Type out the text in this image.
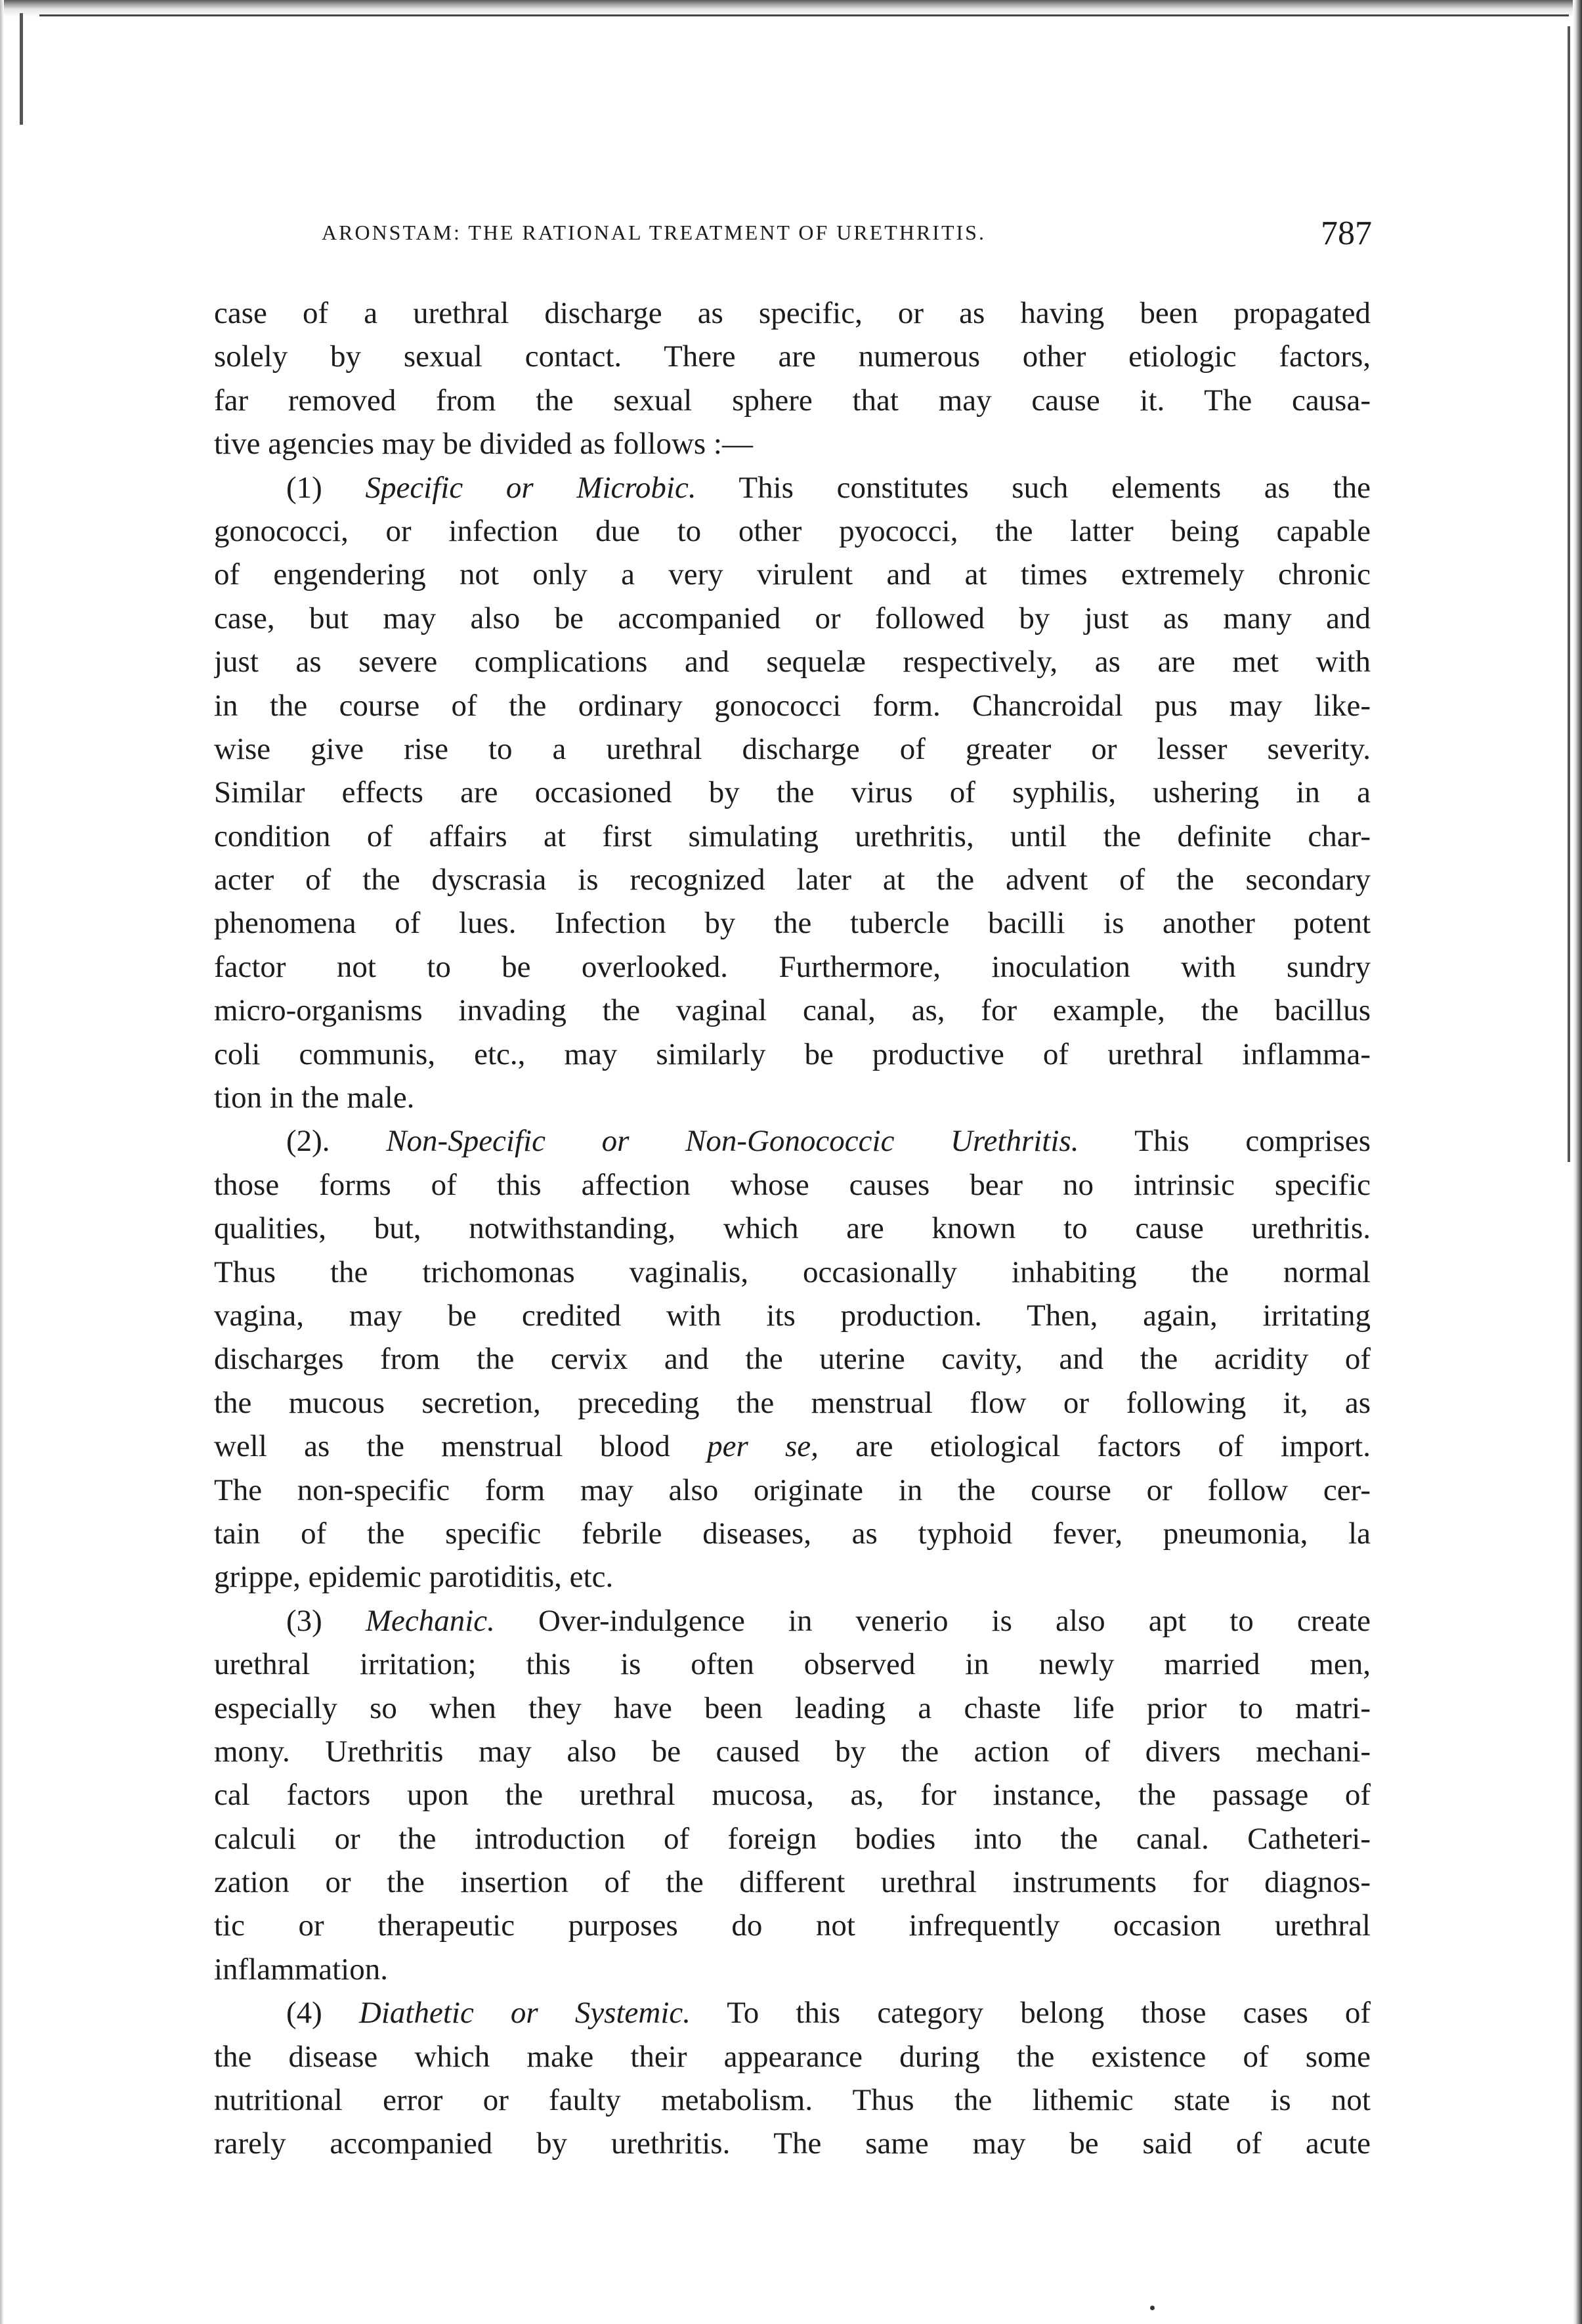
ARONSTAM: THE RATIONAL TREATMENT OF URETHRITIS.	787
case of a urethral discharge as specific, or as having been propagated
solely by sexual contact. There are numerous other etiologic factors,
far removed from the sexual sphere that may cause it. The causa-
tive agencies may be divided as follows :—
(1) Specific or Microbic. This constitutes such elements as the
gonococci, or infection due to other pyococci, the latter being capable
of engendering not only a very virulent and at times extremely chronic
case, but may also be accompanied or followed by just as many and
just as severe complications and sequelæ respectively, as are met with
in the course of the ordinary gonococci form. Chancroidal pus may like-
wise give rise to a urethral discharge of greater or lesser severity.
Similar effects are occasioned by the virus of syphilis, ushering in a
condition of affairs at first simulating urethritis, until the definite char-
acter of the dyscrasia is recognized later at the advent of the secondary
phenomena of lues. Infection by the tubercle bacilli is another potent
factor not to be overlooked. Furthermore, inoculation with sundry
micro-organisms invading the vaginal canal, as, for example, the bacillus
coli communis, etc., may similarly be productive of urethral inflamma-
tion in the male.
(2). Non-Specific or Non-Gonococcic Urethritis. This comprises
those forms of this affection whose causes bear no intrinsic specific
qualities, but, notwithstanding, which are known to cause urethritis.
Thus the trichomonas vaginalis, occasionally inhabiting the normal
vagina, may be credited with its production. Then, again, irritating
discharges from the cervix and the uterine cavity, and the acridity of
the mucous secretion, preceding the menstrual flow or following it, as
well as the menstrual blood per se, are etiological factors of import.
The non-specific form may also originate in the course or follow cer-
tain of the specific febrile diseases, as typhoid fever, pneumonia, la
grippe, epidemic parotiditis, etc.
(3) Mechanic. Over-indulgence in venerio is also apt to create
urethral irritation; this is often observed in newly married men,
especially so when they have been leading a chaste life prior to matri-
mony. Urethritis may also be caused by the action of divers mechani-
cal factors upon the urethral mucosa, as, for instance, the passage of
calculi or the introduction of foreign bodies into the canal. Catheteri-
zation or the insertion of the different urethral instruments for diagnos-
tic or therapeutic purposes do not infrequently occasion urethral
inflammation.
(4) Diathetic or Systemic. To this category belong those cases of
the disease which make their appearance during the existence of some
nutritional error or faulty metabolism. Thus the lithemic state is not
rarely accompanied by urethritis. The same may be said of acute
